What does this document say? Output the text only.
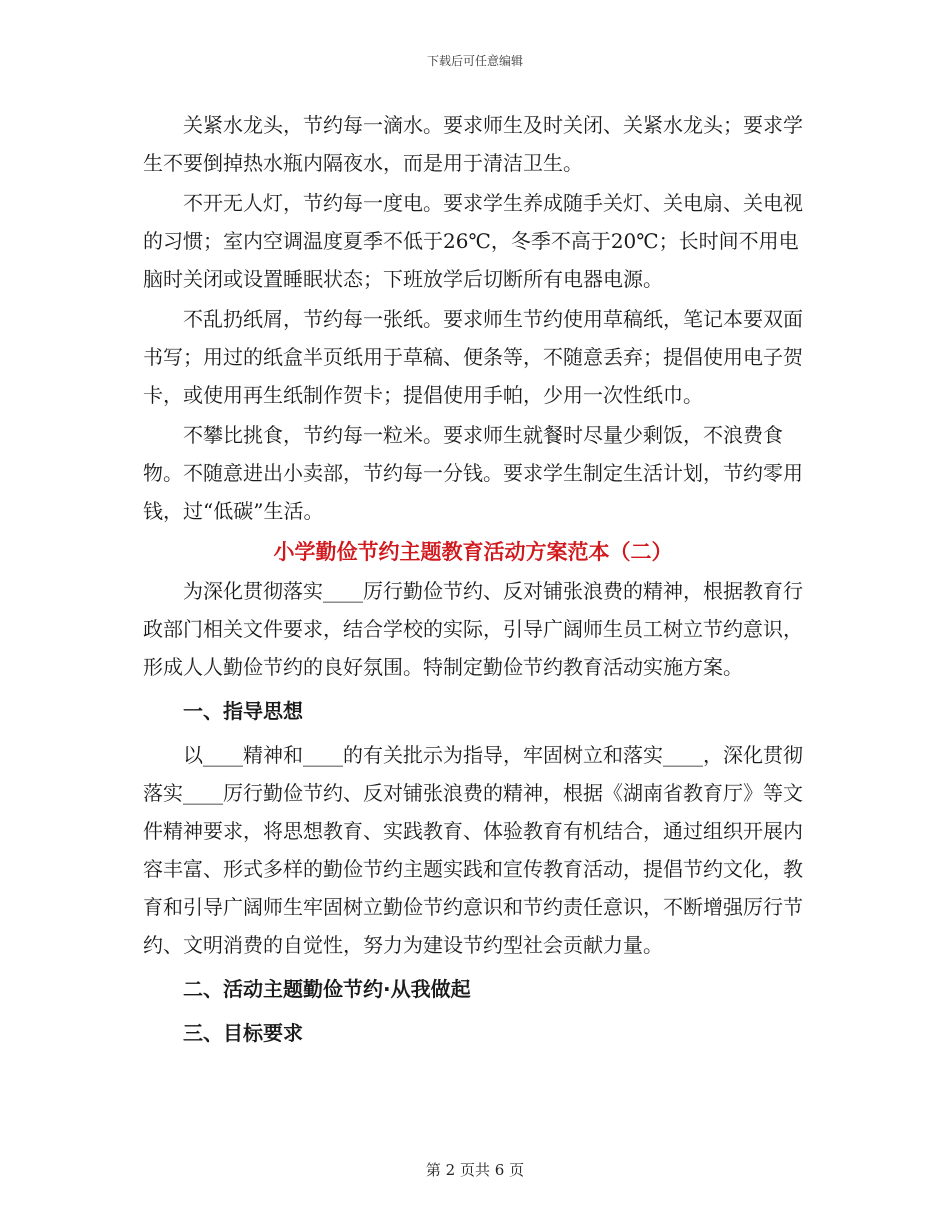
下载后可任意编辑

关紧水龙头，节约每一滴水。要求师生及时关闭、关紧水龙头；要求学生不要倒掉热水瓶内隔夜水，而是用于清洁卫生。

不开无人灯，节约每一度电。要求学生养成随手关灯、关电扇、关电视的习惯；室内空调温度夏季不低于26℃，冬季不高于20℃；长时间不用电脑时关闭或设置睡眠状态；下班放学后切断所有电器电源。

不乱扔纸屑，节约每一张纸。要求师生节约使用草稿纸，笔记本要双面书写；用过的纸盒半页纸用于草稿、便条等，不随意丢弃；提倡使用电子贺卡，或使用再生纸制作贺卡；提倡使用手帕，少用一次性纸巾。

不攀比挑食，节约每一粒米。要求师生就餐时尽量少剩饭，不浪费食物。不随意进出小卖部，节约每一分钱。要求学生制定生活计划，节约零用钱，过“低碳”生活。

小学勤俭节约主题教育活动方案范本（二）

为深化贯彻落实____厉行勤俭节约、反对铺张浪费的精神，根据教育行政部门相关文件要求，结合学校的实际，引导广阔师生员工树立节约意识，形成人人勤俭节约的良好氛围。特制定勤俭节约教育活动实施方案。

一、指导思想

以____精神和____的有关批示为指导，牢固树立和落实____，深化贯彻落实____厉行勤俭节约、反对铺张浪费的精神，根据《湖南省教育厅》等文件精神要求，将思想教育、实践教育、体验教育有机结合，通过组织开展内容丰富、形式多样的勤俭节约主题实践和宣传教育活动，提倡节约文化，教育和引导广阔师生牢固树立勤俭节约意识和节约责任意识，不断增强厉行节约、文明消费的自觉性，努力为建设节约型社会贡献力量。

二、活动主题勤俭节约·从我做起
三、目标要求
第 2 页共 6 页
